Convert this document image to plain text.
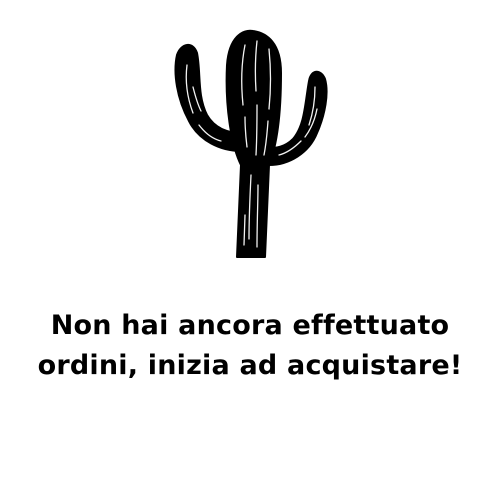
Non hai ancora effettuato
ordini, inizia ad acquistare!
